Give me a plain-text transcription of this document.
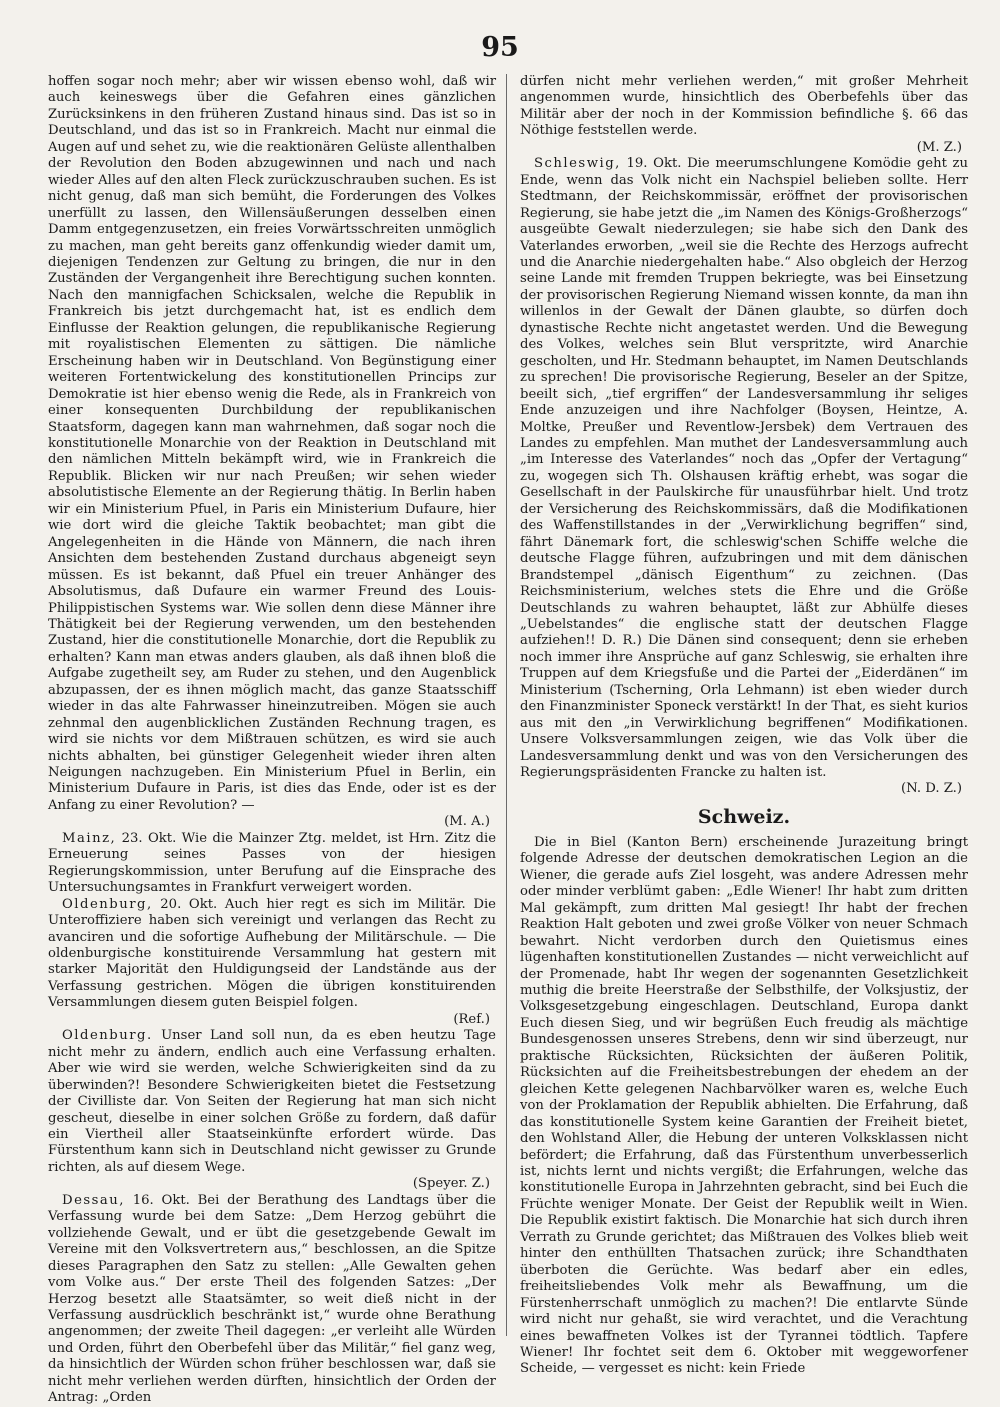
95

hoffen sogar noch mehr; aber wir wissen ebenso wohl, daß wir auch keineswegs über die Gefahren eines gänzlichen Zurücksinkens in den früheren Zustand hinaus sind. Das ist so in Deutschland, und das ist so in Frankreich. Macht nur einmal die Augen auf und sehet zu, wie die reaktionären Gelüste allenthalben der Revolution den Boden abzugewinnen und nach und nach wieder Alles auf den alten Fleck zurückzuschrauben suchen. Es ist nicht genug, daß man sich bemüht, die Forderungen des Volkes unerfüllt zu lassen, den Willensäußerungen desselben einen Damm entgegenzusetzen, ein freies Vorwärtsschreiten unmöglich zu machen, man geht bereits ganz offenkundig wieder damit um, diejenigen Tendenzen zur Geltung zu bringen, die nur in den Zuständen der Vergangenheit ihre Berechtigung suchen konnten. Nach den mannigfachen Schicksalen, welche die Republik in Frankreich bis jetzt durchgemacht hat, ist es endlich dem Einflusse der Reaktion gelungen, die republikanische Regierung mit royalistischen Elementen zu sättigen. Die nämliche Erscheinung haben wir in Deutschland. Von Begünstigung einer weiteren Fortentwickelung des konstitutionellen Princips zur Demokratie ist hier ebenso wenig die Rede, als in Frankreich von einer konsequenten Durchbildung der republikanischen Staatsform, dagegen kann man wahrnehmen, daß sogar noch die konstitutionelle Monarchie von der Reaktion in Deutschland mit den nämlichen Mitteln bekämpft wird, wie in Frankreich die Republik. Blicken wir nur nach Preußen; wir sehen wieder absolutistische Elemente an der Regierung thätig. In Berlin haben wir ein Ministerium Pfuel, in Paris ein Ministerium Dufaure, hier wie dort wird die gleiche Taktik beobachtet; man gibt die Angelegenheiten in die Hände von Männern, die nach ihren Ansichten dem bestehenden Zustand durchaus abgeneigt seyn müssen. Es ist bekannt, daß Pfuel ein treuer Anhänger des Absolutismus, daß Dufaure ein warmer Freund des Louis-Philippistischen Systems war. Wie sollen denn diese Männer ihre Thätigkeit bei der Regierung verwenden, um den bestehenden Zustand, hier die constitutionelle Monarchie, dort die Republik zu erhalten? Kann man etwas anders glauben, als daß ihnen bloß die Aufgabe zugetheilt sey, am Ruder zu stehen, und den Augenblick abzupassen, der es ihnen möglich macht, das ganze Staatsschiff wieder in das alte Fahrwasser hineinzutreiben. Mögen sie auch zehnmal den augenblicklichen Zuständen Rechnung tragen, es wird sie nichts vor dem Mißtrauen schützen, es wird sie auch nichts abhalten, bei günstiger Gelegenheit wieder ihren alten Neigungen nachzugeben. Ein Ministerium Pfuel in Berlin, ein Ministerium Dufaure in Paris, ist dies das Ende, oder ist es der Anfang zu einer Revolution? —
(M. A.)

Mainz, 23. Okt. Wie die Mainzer Ztg. meldet, ist Hrn. Zitz die Erneuerung seines Passes von der hiesigen Regierungskommission, unter Berufung auf die Einsprache des Untersuchungsamtes in Frankfurt verweigert worden.

Oldenburg, 20. Okt. Auch hier regt es sich im Militär. Die Unteroffiziere haben sich vereinigt und verlangen das Recht zu avanciren und die sofortige Aufhebung der Militärschule. — Die oldenburgische konstituirende Versammlung hat gestern mit starker Majorität den Huldigungseid der Landstände aus der Verfassung gestrichen. Mögen die übrigen konstituirenden Versammlungen diesem guten Beispiel folgen.
(Ref.)

Oldenburg. Unser Land soll nun, da es eben heutzu Tage nicht mehr zu ändern, endlich auch eine Verfassung erhalten. Aber wie wird sie werden, welche Schwierigkeiten sind da zu überwinden?! Besondere Schwierigkeiten bietet die Festsetzung der Civilliste dar. Von Seiten der Regierung hat man sich nicht gescheut, dieselbe in einer solchen Größe zu fordern, daß dafür ein Viertheil aller Staatseinkünfte erfordert würde. Das Fürstenthum kann sich in Deutschland nicht gewisser zu Grunde richten, als auf diesem Wege.
(Speyer. Z.)

Dessau, 16. Okt. Bei der Berathung des Landtags über die Verfassung wurde bei dem Satze: „Dem Herzog gebührt die vollziehende Gewalt, und er übt die gesetzgebende Gewalt im Vereine mit den Volksvertretern aus,“ beschlossen, an die Spitze dieses Paragraphen den Satz zu stellen: „Alle Gewalten gehen vom Volke aus.“ Der erste Theil des folgenden Satzes: „Der Herzog besetzt alle Staatsämter, so weit dieß nicht in der Verfassung ausdrücklich beschränkt ist,“ wurde ohne Berathung angenommen; der zweite Theil dagegen: „er verleiht alle Würden und Orden, führt den Oberbefehl über das Militär,“ fiel ganz weg, da hinsichtlich der Würden schon früher beschlossen war, daß sie nicht mehr verliehen werden dürften, hinsichtlich der Orden der Antrag: „Orden

dürfen nicht mehr verliehen werden,“ mit großer Mehrheit angenommen wurde, hinsichtlich des Oberbefehls über das Militär aber der noch in der Kommission befindliche §. 66 das Nöthige feststellen werde.
(M. Z.)

Schleswig, 19. Okt. Die meerumschlungene Komödie geht zu Ende, wenn das Volk nicht ein Nachspiel belieben sollte. Herr Stedtmann, der Reichskommissär, eröffnet der provisorischen Regierung, sie habe jetzt die „im Namen des Königs-Großherzogs“ ausgeübte Gewalt niederzulegen; sie habe sich den Dank des Vaterlandes erworben, „weil sie die Rechte des Herzogs aufrecht und die Anarchie niedergehalten habe.“ Also obgleich der Herzog seine Lande mit fremden Truppen bekriegte, was bei Einsetzung der provisorischen Regierung Niemand wissen konnte, da man ihn willenlos in der Gewalt der Dänen glaubte, so dürfen doch dynastische Rechte nicht angetastet werden. Und die Bewegung des Volkes, welches sein Blut verspritzte, wird Anarchie gescholten, und Hr. Stedmann behauptet, im Namen Deutschlands zu sprechen! Die provisorische Regierung, Beseler an der Spitze, beeilt sich, „tief ergriffen“ der Landesversammlung ihr seliges Ende anzuzeigen und ihre Nachfolger (Boysen, Heintze, A. Moltke, Preußer und Reventlow-Jersbek) dem Vertrauen des Landes zu empfehlen. Man muthet der Landesversammlung auch „im Interesse des Vaterlandes“ noch das „Opfer der Vertagung“ zu, wogegen sich Th. Olshausen kräftig erhebt, was sogar die Gesellschaft in der Paulskirche für unausführbar hielt. Und trotz der Versicherung des Reichskommissärs, daß die Modifikationen des Waffenstillstandes in der „Verwirklichung begriffen“ sind, fährt Dänemark fort, die schleswig'schen Schiffe welche die deutsche Flagge führen, aufzubringen und mit dem dänischen Brandstempel „dänisch Eigenthum“ zu zeichnen. (Das Reichsministerium, welches stets die Ehre und die Größe Deutschlands zu wahren behauptet, läßt zur Abhülfe dieses „Uebelstandes“ die englische statt der deutschen Flagge aufziehen!! D. R.) Die Dänen sind consequent; denn sie erheben noch immer ihre Ansprüche auf ganz Schleswig, sie erhalten ihre Truppen auf dem Kriegsfuße und die Partei der „Eiderdänen“ im Ministerium (Tscherning, Orla Lehmann) ist eben wieder durch den Finanzminister Sponeck verstärkt! In der That, es sieht kurios aus mit den „in Verwirklichung begriffenen“ Modifikationen. Unsere Volksversammlungen zeigen, wie das Volk über die Landesversammlung denkt und was von den Versicherungen des Regierungspräsidenten Francke zu halten ist.
(N. D. Z.)

Schweiz.

Die in Biel (Kanton Bern) erscheinende Jurazeitung bringt folgende Adresse der deutschen demokratischen Legion an die Wiener, die gerade aufs Ziel losgeht, was andere Adressen mehr oder minder verblümt gaben: „Edle Wiener! Ihr habt zum dritten Mal gekämpft, zum dritten Mal gesiegt! Ihr habt der frechen Reaktion Halt geboten und zwei große Völker von neuer Schmach bewahrt. Nicht verdorben durch den Quietismus eines lügenhaften konstitutionellen Zustandes — nicht verweichlicht auf der Promenade, habt Ihr wegen der sogenannten Gesetzlichkeit muthig die breite Heerstraße der Selbsthilfe, der Volksjustiz, der Volksgesetzgebung eingeschlagen. Deutschland, Europa dankt Euch diesen Sieg, und wir begrüßen Euch freudig als mächtige Bundesgenossen unseres Strebens, denn wir sind überzeugt, nur praktische Rücksichten, Rücksichten der äußeren Politik, Rücksichten auf die Freiheitsbestrebungen der ehedem an der gleichen Kette gelegenen Nachbarvölker waren es, welche Euch von der Proklamation der Republik abhielten. Die Erfahrung, daß das konstitutionelle System keine Garantien der Freiheit bietet, den Wohlstand Aller, die Hebung der unteren Volksklassen nicht befördert; die Erfahrung, daß das Fürstenthum unverbesserlich ist, nichts lernt und nichts vergißt; die Erfahrungen, welche das konstitutionelle Europa in Jahrzehnten gebracht, sind bei Euch die Früchte weniger Monate. Der Geist der Republik weilt in Wien. Die Republik existirt faktisch. Die Monarchie hat sich durch ihren Verrath zu Grunde gerichtet; das Mißtrauen des Volkes blieb weit hinter den enthüllten Thatsachen zurück; ihre Schandthaten überboten die Gerüchte. Was bedarf aber ein edles, freiheitsliebendes Volk mehr als Bewaffnung, um die Fürstenherrschaft unmöglich zu machen?! Die entlarvte Sünde wird nicht nur gehaßt, sie wird verachtet, und die Verachtung eines bewaffneten Volkes ist der Tyrannei tödtlich. Tapfere Wiener! Ihr fochtet seit dem 6. Oktober mit weggeworfener Scheide, — vergesset es nicht: kein Friede
